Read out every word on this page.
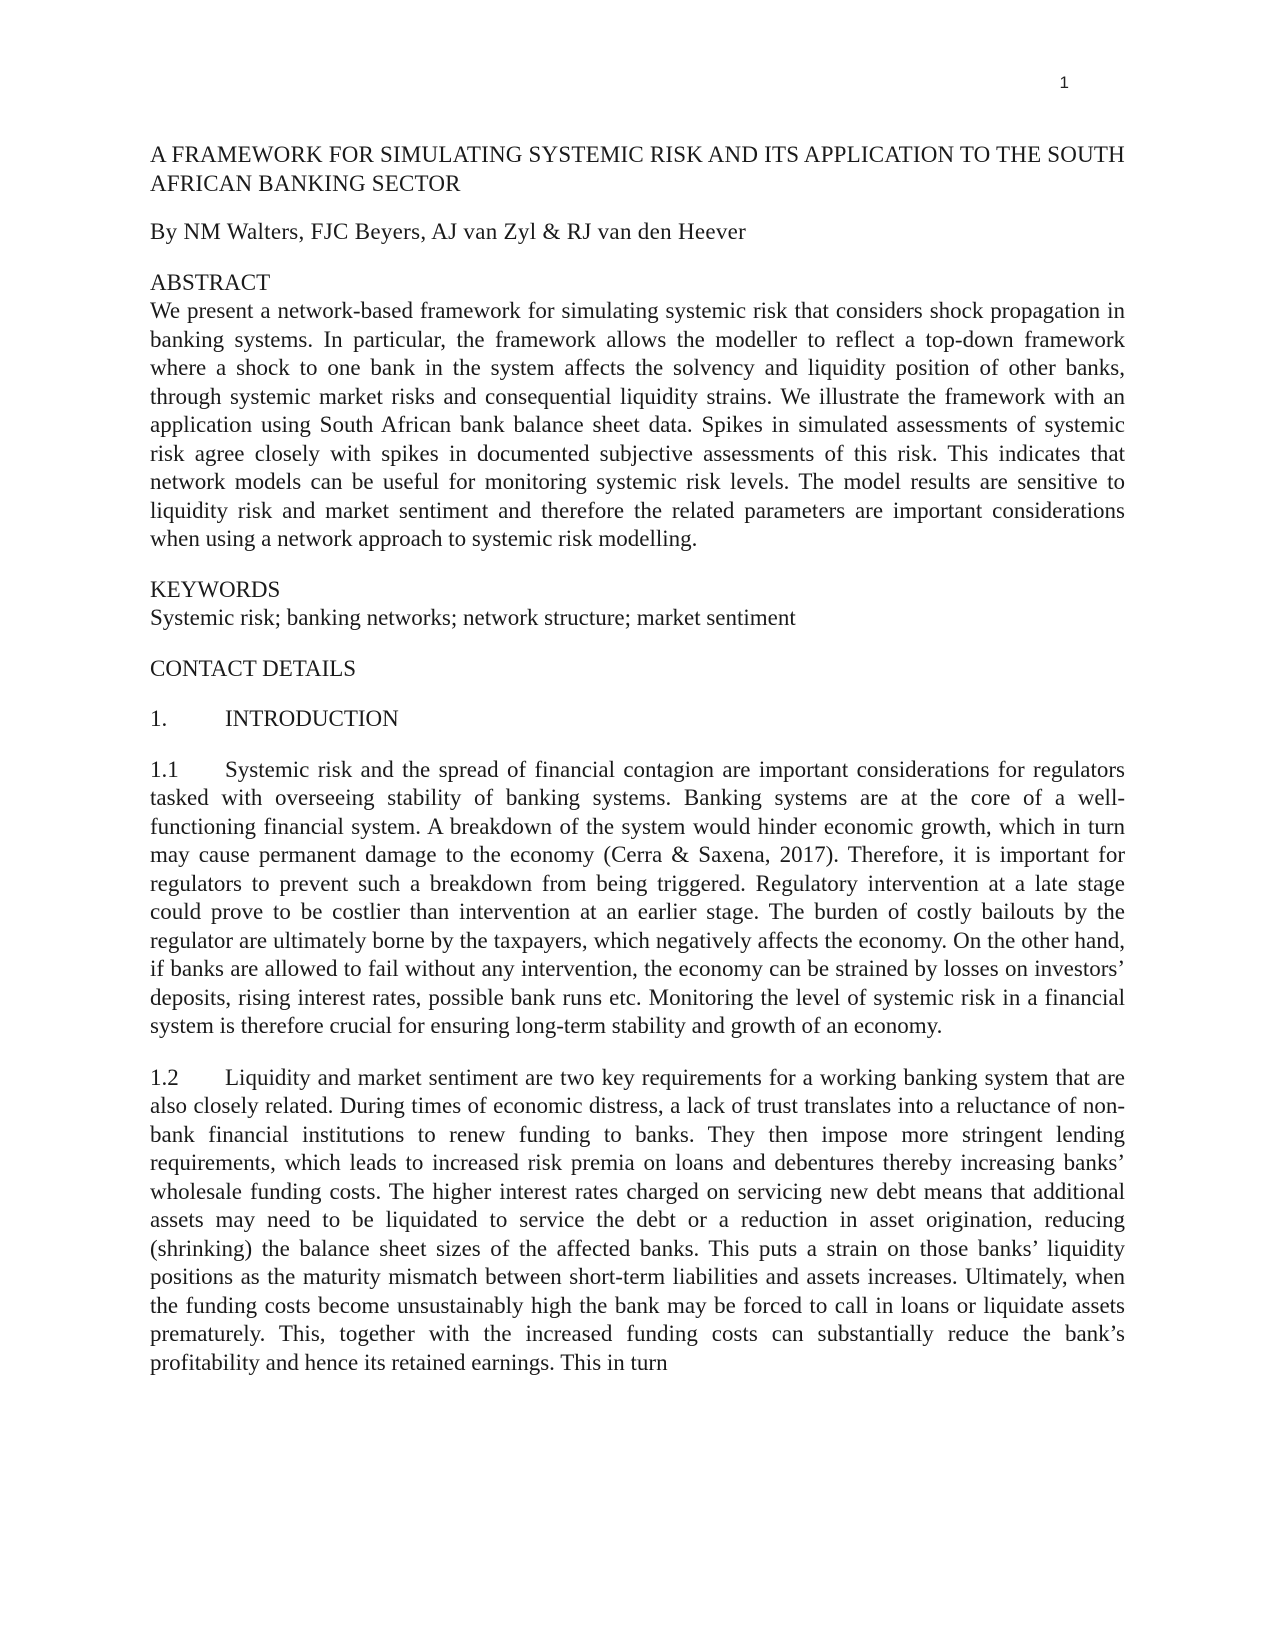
1
A FRAMEWORK FOR SIMULATING SYSTEMIC RISK AND ITS APPLICATION TO THE SOUTH AFRICAN BANKING SECTOR

By NM Walters, FJC Beyers, AJ van Zyl & RJ van den Heever

ABSTRACT

We present a network-based framework for simulating systemic risk that considers shock propagation in banking systems. In particular, the framework allows the modeller to reflect a top-down framework where a shock to one bank in the system affects the solvency and liquidity position of other banks, through systemic market risks and consequential liquidity strains. We illustrate the framework with an application using South African bank balance sheet data. Spikes in simulated assessments of systemic risk agree closely with spikes in documented subjective assessments of this risk. This indicates that network models can be useful for monitoring systemic risk levels. The model results are sensitive to liquidity risk and market sentiment and therefore the related parameters are important considerations when using a network approach to systemic risk modelling.

KEYWORDS

Systemic risk; banking networks; network structure; market sentiment

CONTACT DETAILS

1.	INTRODUCTION

1.1 Systemic risk and the spread of financial contagion are important considerations for regulators tasked with overseeing stability of banking systems. Banking systems are at the core of a well-functioning financial system. A breakdown of the system would hinder economic growth, which in turn may cause permanent damage to the economy (Cerra & Saxena, 2017). Therefore, it is important for regulators to prevent such a breakdown from being triggered. Regulatory intervention at a late stage could prove to be costlier than intervention at an earlier stage. The burden of costly bailouts by the regulator are ultimately borne by the taxpayers, which negatively affects the economy. On the other hand, if banks are allowed to fail without any intervention, the economy can be strained by losses on investors’ deposits, rising interest rates, possible bank runs etc. Monitoring the level of systemic risk in a financial system is therefore crucial for ensuring long-term stability and growth of an economy.

1.2 Liquidity and market sentiment are two key requirements for a working banking system that are also closely related. During times of economic distress, a lack of trust translates into a reluctance of non-bank financial institutions to renew funding to banks. They then impose more stringent lending requirements, which leads to increased risk premia on loans and debentures thereby increasing banks’ wholesale funding costs. The higher interest rates charged on servicing new debt means that additional assets may need to be liquidated to service the debt or a reduction in asset origination, reducing (shrinking) the balance sheet sizes of the affected banks. This puts a strain on those banks’ liquidity positions as the maturity mismatch between short-term liabilities and assets increases. Ultimately, when the funding costs become unsustainably high the bank may be forced to call in loans or liquidate assets prematurely. This, together with the increased funding costs can substantially reduce the bank’s profitability and hence its retained earnings. This in turn
